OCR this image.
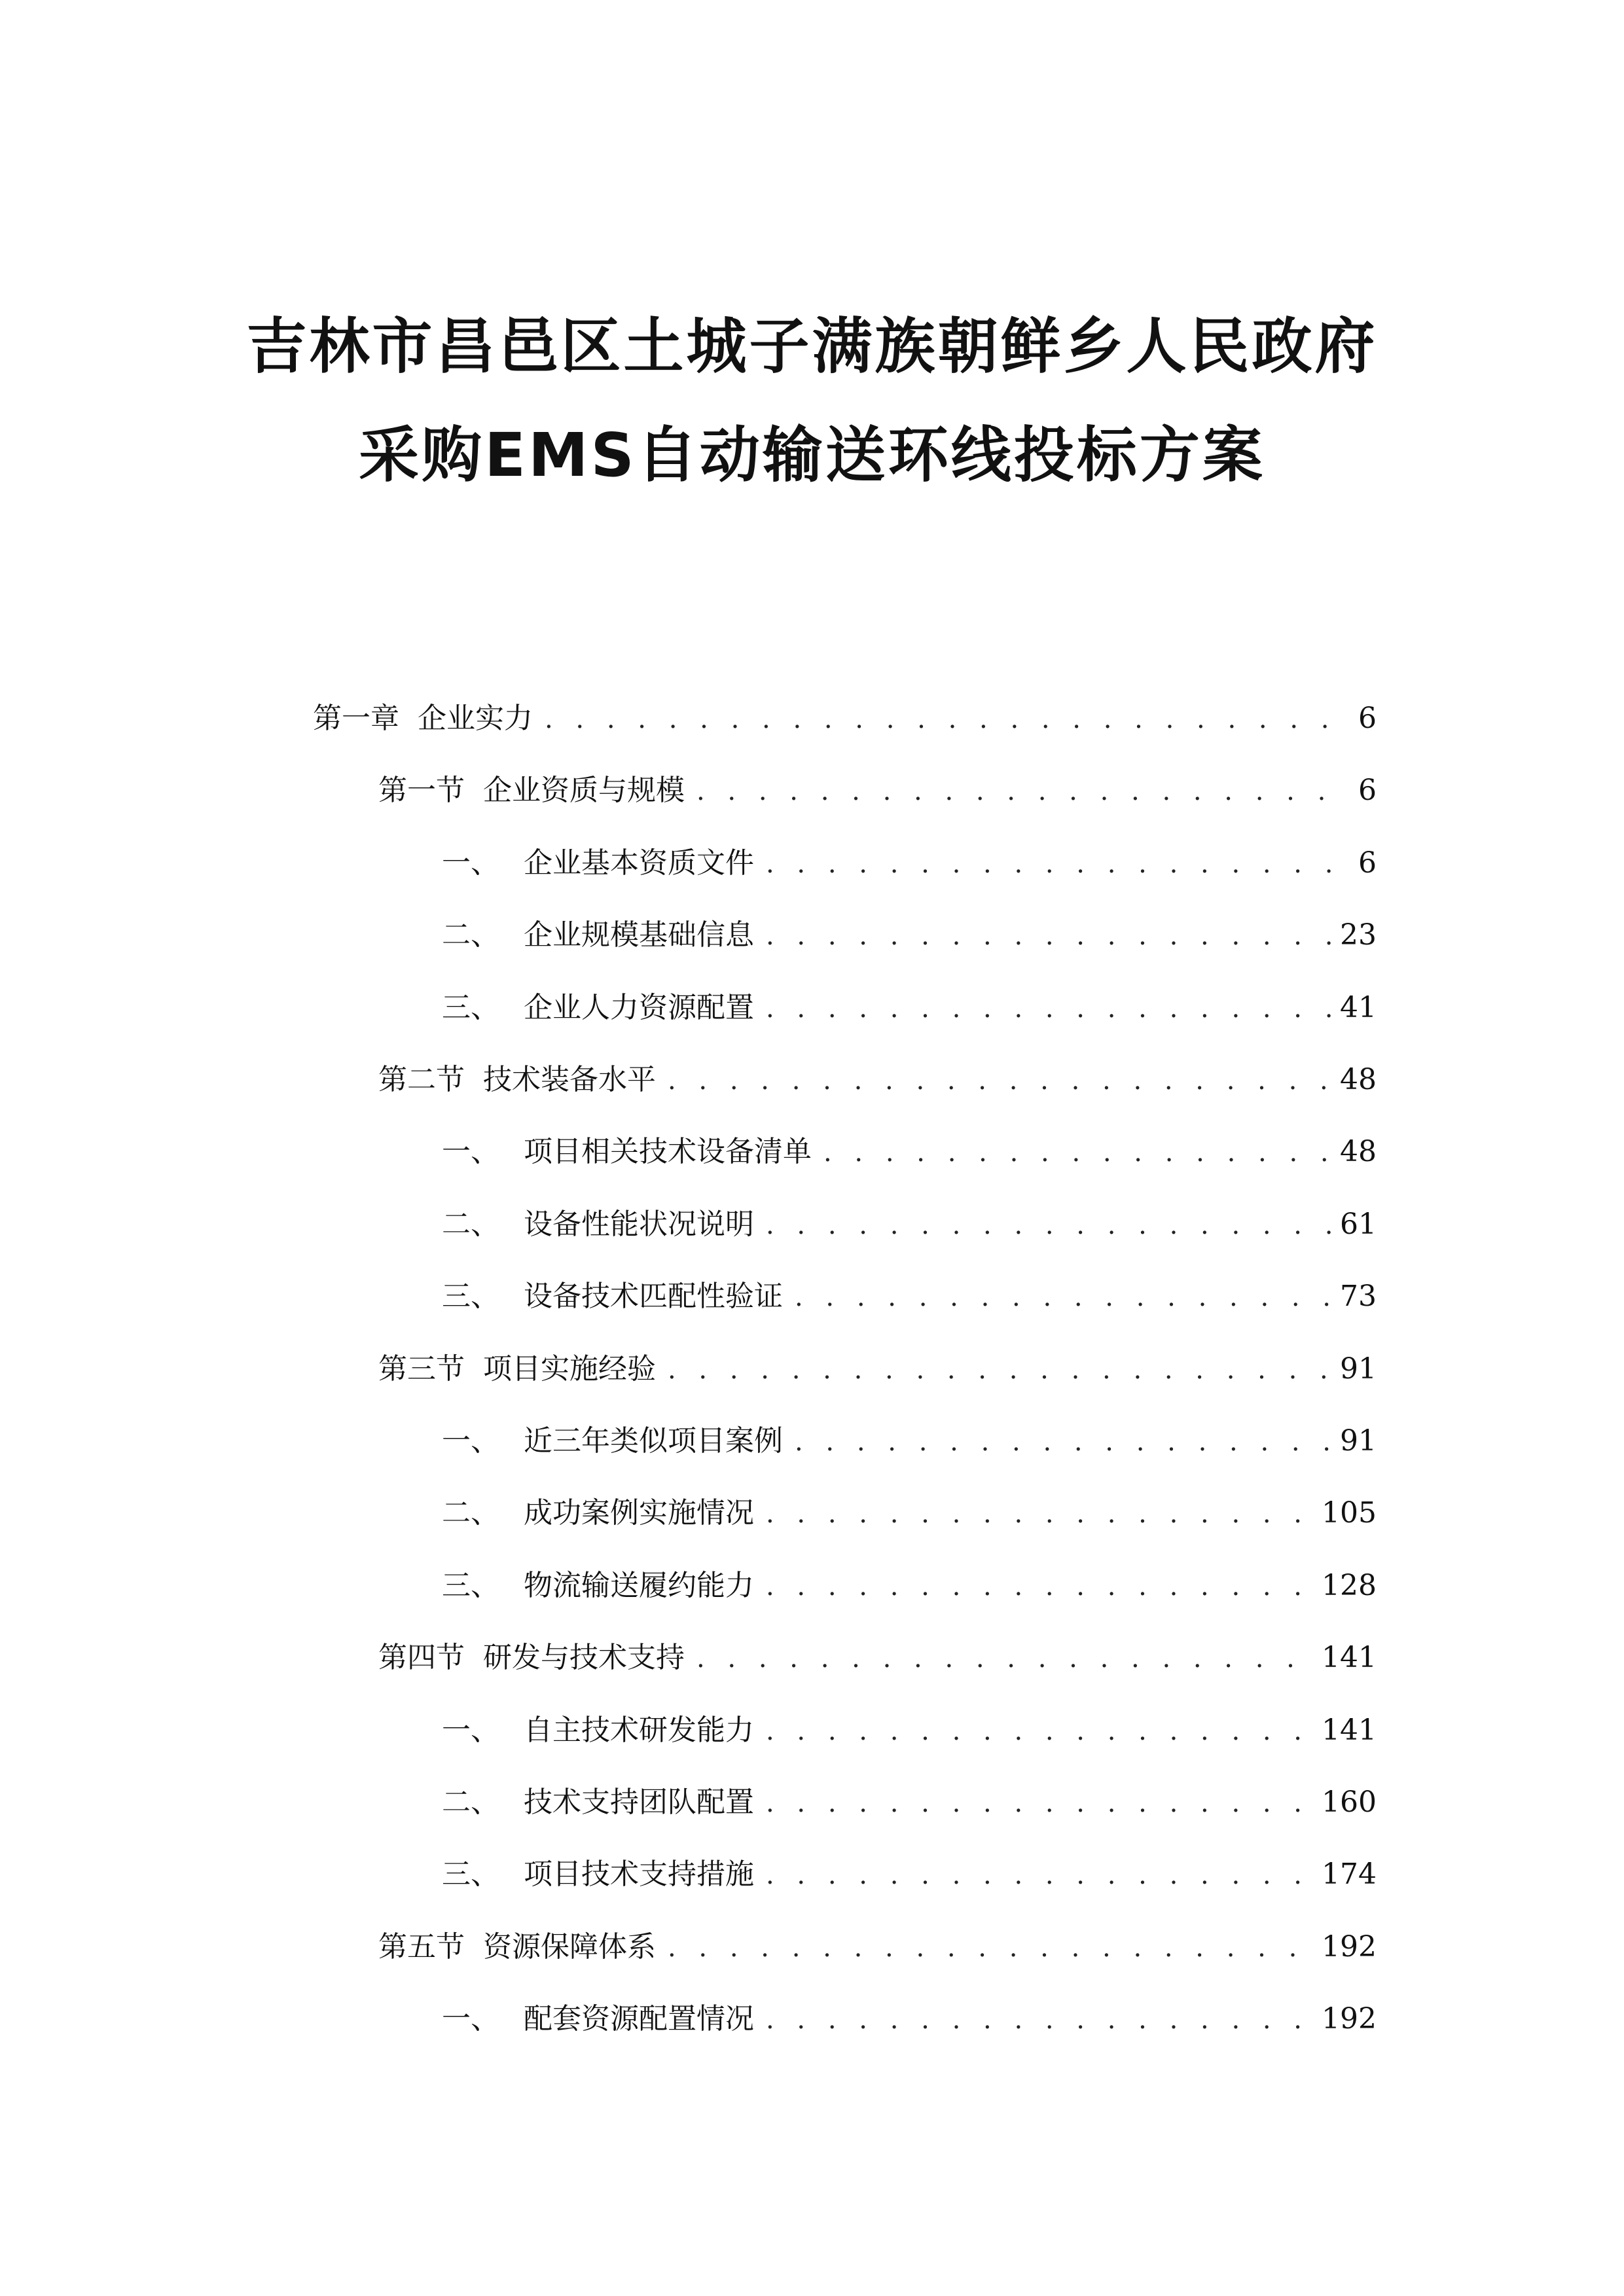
吉林市昌邑区土城子满族朝鲜乡人民政府
采购EMS自动输送环线投标方案
第一章 企业实力 . . .	6
第一节 企业资质与规模 . . .	6
一、 企业基本资质文件 . . .	6
二、 企业规模基础信息 . . .	23
三、 企业人力资源配置 . . .	41
第二节 技术装备水平 . . .	48
一、 项目相关技术设备清单 . . .	48
二、 设备性能状况说明 . . .	61
三、 设备技术匹配性验证 . . .	73
第三节 项目实施经验 . . .	91
一、 近三年类似项目案例 . . .	91
二、 成功案例实施情况 . . .	105
三、 物流输送履约能力 . . .	128
第四节 研发与技术支持 . . .	141
一、 自主技术研发能力 . . .	141
二、 技术支持团队配置 . . .	160
三、 项目技术支持措施 . . .	174
第五节 资源保障体系 . . .	192
一、 配套资源配置情况 . . .	192
